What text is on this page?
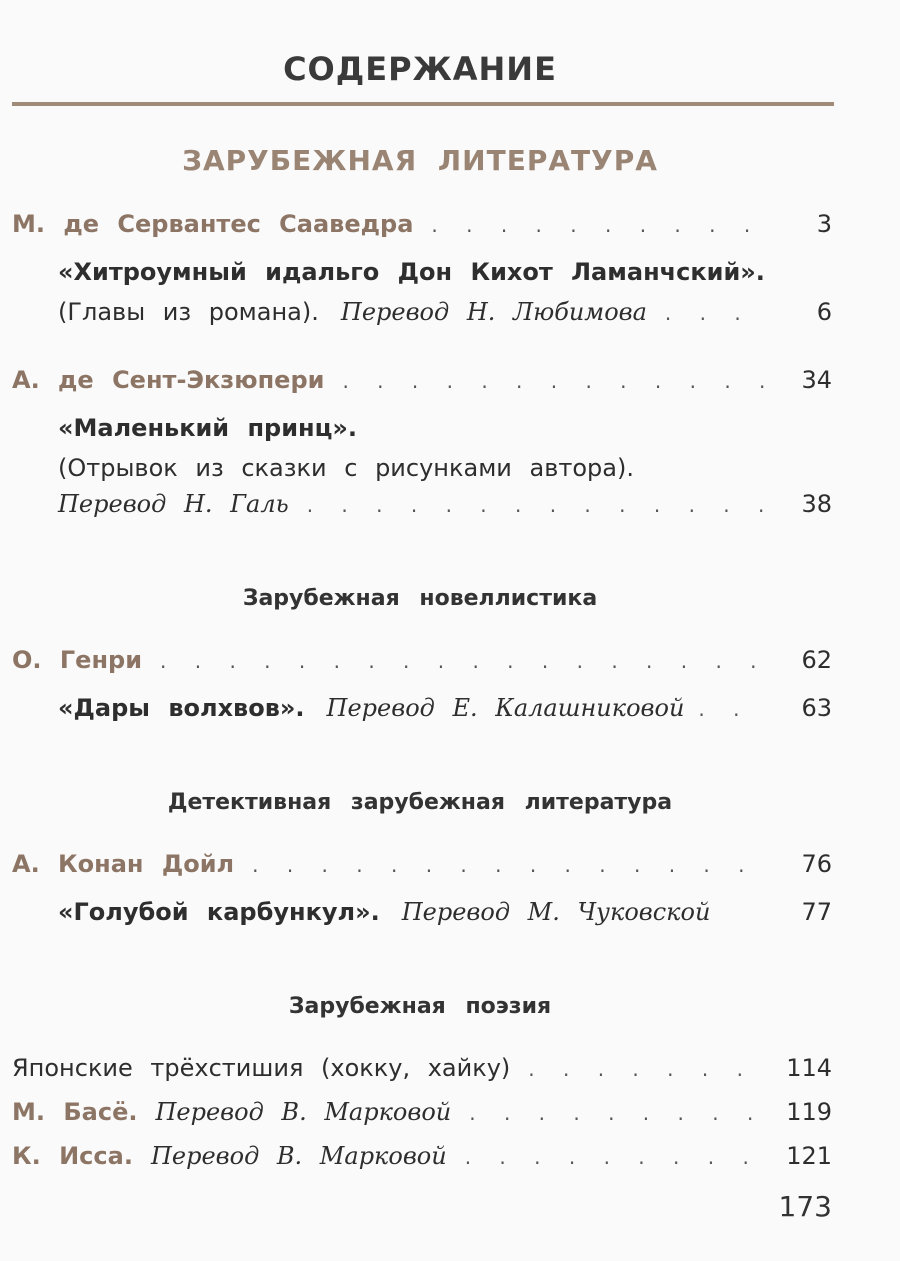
СОДЕРЖАНИЕ
ЗАРУБЕЖНАЯ ЛИТЕРАТУРА
М. де Сервантес Сааведра . . .	3
«Хитроумный идальго Дон Кихот Ламанчский».
(Главы из романа). Перевод Н. Любимова . . .	6
А. де Сент-Экзюпери . . .	34
«Маленький принц».
(Отрывок из сказки с рисунками автора).
Перевод Н. Галь . . .	38
Зарубежная новеллистика
О. Генри . . .	62
«Дары волхвов». Перевод Е. Калашниковой . . .	63
Детективная зарубежная литература
А. Конан Дойл . . .	76
«Голубой карбункул». Перевод М. Чуковской	77
Зарубежная поэзия
Японские трёхстишия (хокку, хайку) . . .	114
М. Басё. Перевод В. Марковой . . .	119
К. Исса. Перевод В. Марковой . . .	121
173
